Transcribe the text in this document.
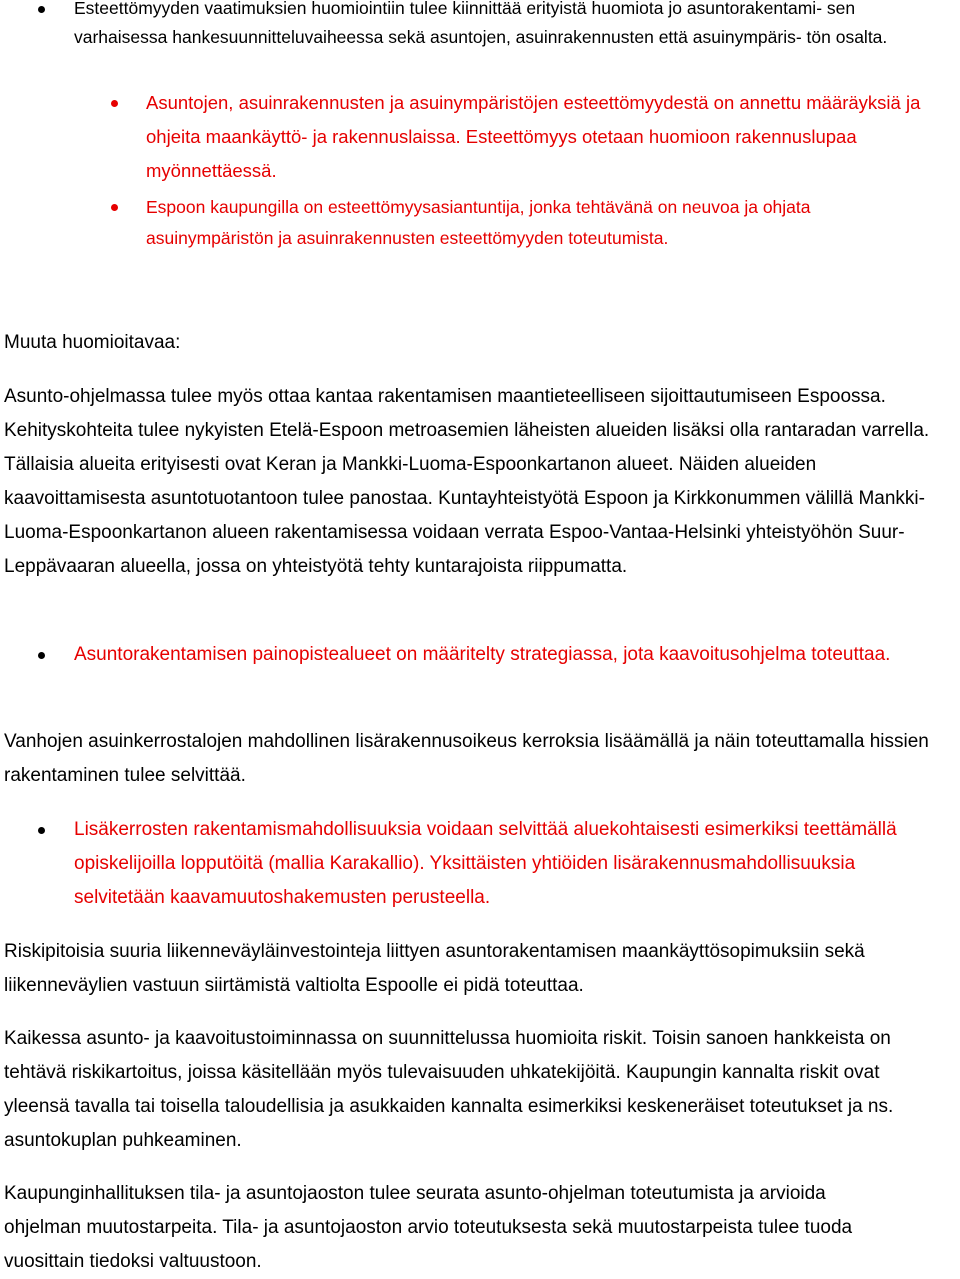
Esteettömyyden vaatimuksien huomiointiin tulee kiinnittää erityistä huomiota jo asuntorakentami- sen varhaisessa hankesuunnitteluvaiheessa sekä asuntojen, asuinrakennusten että asuinympäris- tön osalta.

Asuntojen, asuinrakennusten ja asuinympäristöjen esteettömyydestä on annettu määräyksiä ja ohjeita maankäyttö- ja rakennuslaissa. Esteettömyys otetaan huomioon rakennuslupaa myönnettäessä.

Espoon kaupungilla on esteettömyysasiantuntija, jonka tehtävänä on neuvoa ja ohjata asuinympäristön ja asuinrakennusten esteettömyyden toteutumista.

Muuta huomioitavaa:

Asunto-ohjelmassa tulee myös ottaa kantaa rakentamisen maantieteelliseen sijoittautumiseen Espoossa. Kehityskohteita tulee nykyisten Etelä-Espoon metroasemien läheisten alueiden lisäksi olla rantaradan varrella. Tällaisia alueita erityisesti ovat Keran ja Mankki-Luoma-Espoonkartanon alueet. Näiden alueiden kaavoittamisesta asuntotuotantoon tulee panostaa. Kuntayhteistyötä Espoon ja Kirkkonummen välillä Mankki-Luoma-Espoonkartanon alueen rakentamisessa voidaan verrata Espoo-Vantaa-Helsinki yhteistyöhön Suur-Leppävaaran alueella, jossa on yhteistyötä tehty kuntarajoista riippumatta.

Asuntorakentamisen painopistealueet on määritelty strategiassa, jota kaavoitusohjelma toteuttaa.

Vanhojen asuinkerrostalojen mahdollinen lisärakennusoikeus kerroksia lisäämällä ja näin toteuttamalla hissien rakentaminen tulee selvittää.

Lisäkerrosten rakentamismahdollisuuksia voidaan selvittää aluekohtaisesti esimerkiksi teettämällä opiskelijoilla lopputöitä (mallia Karakallio). Yksittäisten yhtiöiden lisärakennusmahdollisuuksia selvitetään kaavamuutoshakemusten perusteella.

Riskipitoisia suuria liikenneväyläinvestointeja liittyen asuntorakentamisen maankäyttösopimuksiin sekä liikenneväylien vastuun siirtämistä valtiolta Espoolle ei pidä toteuttaa.

Kaikessa asunto- ja kaavoitustoiminnassa on suunnittelussa huomioita riskit. Toisin sanoen hankkeista on tehtävä riskikartoitus, joissa käsitellään myös tulevaisuuden uhkatekijöitä. Kaupungin kannalta riskit ovat yleensä tavalla tai toisella taloudellisia ja asukkaiden kannalta esimerkiksi keskeneräiset toteutukset ja ns. asuntokuplan puhkeaminen.

Kaupunginhallituksen tila- ja asuntojaoston tulee seurata asunto-ohjelman toteutumista ja arvioida ohjelman muutostarpeita. Tila- ja asuntojaoston arvio toteutuksesta sekä muutostarpeista tulee tuoda vuosittain tiedoksi valtuustoon.
